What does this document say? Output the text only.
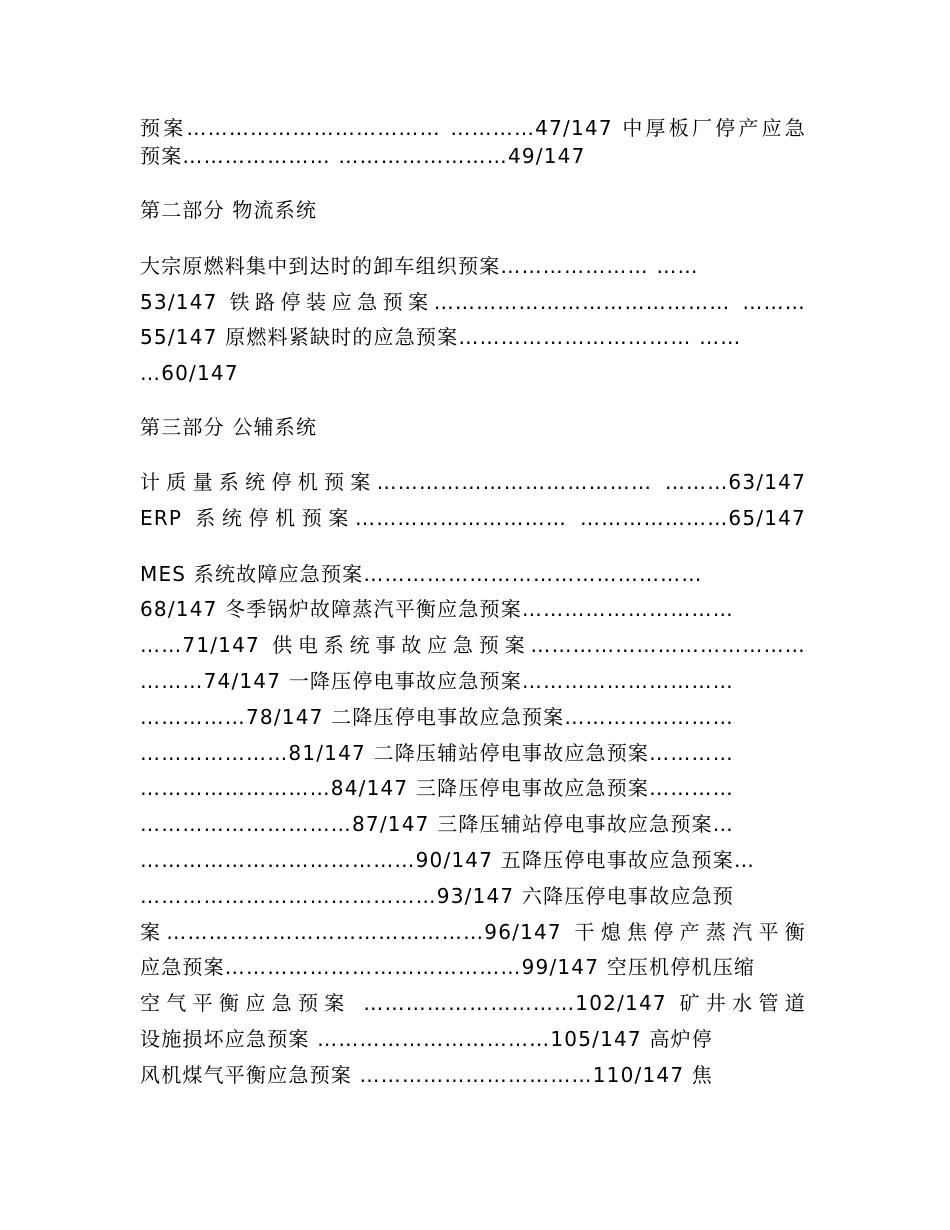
预案……………………………… …………47/147 中厚板厂停产应急
预案………………… ……………………49/147
第二部分 物流系统
大宗原燃料集中到达时的卸车组织预案………………… ……
53/147 铁路停装应急预案…………………………………… ………
55/147 原燃料紧缺时的应急预案…………………………… ……
…60/147
第三部分 公辅系统
计质量系统停机预案………………………………… ………63/147
ERP 系统停机预案………………………… …………………65/147
MES 系统故障应急预案…………………………………………
68/147 冬季锅炉故障蒸汽平衡应急预案…………………………
……71/147 供电系统事故应急预案…………………………………
………74/147 一降压停电事故应急预案…………………………
……………78/147 二降压停电事故应急预案……………………
…………………81/147 二降压辅站停电事故应急预案…………
………………………84/147 三降压停电事故应急预案…………
…………………………87/147 三降压辅站停电事故应急预案…
…………………………………90/147 五降压停电事故应急预案…
……………………………………93/147 六降压停电事故应急预
案………………………………………96/147 干熄焦停产蒸汽平衡
应急预案……………………………………99/147 空压机停机压缩
空气平衡应急预案 …………………………102/147 矿井水管道
设施损坏应急预案 ……………………………105/147 高炉停
风机煤气平衡应急预案 ……………………………110/147 焦
